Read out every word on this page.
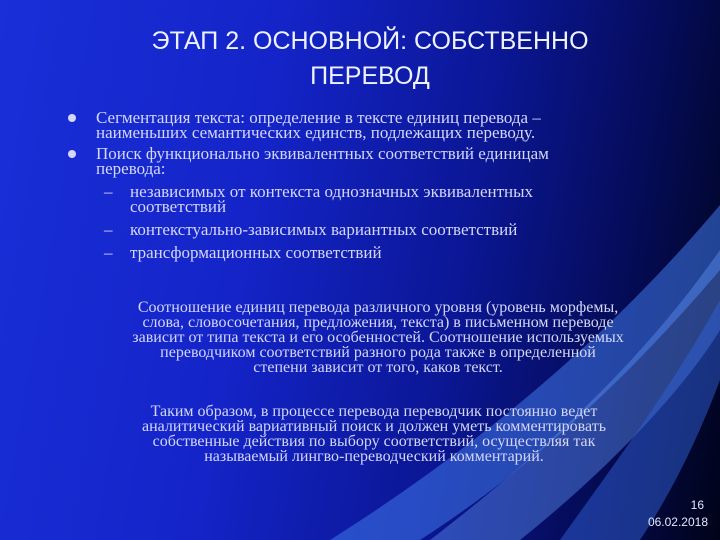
ЭТАП 2. ОСНОВНОЙ: СОБСТВЕННО
ПЕРЕВОД
Сегментация текста: определение в тексте единиц перевода –
наименьших семантических единств, подлежащих переводу.
Поиск функционально эквивалентных соответствий единицам
перевода:
– независимых от контекста однозначных эквивалентных
соответствий
– контекстуально-зависимых вариантных соответствий
– трансформационных соответствий
Соотношение единиц перевода различного уровня (уровень морфемы,
слова, словосочетания, предложения, текста) в письменном переводе
зависит от типа текста и его особенностей. Соотношение используемых
переводчиком соответствий разного рода также в определенной
степени зависит от того, каков текст.
Таким образом, в процессе перевода переводчик постоянно ведет
аналитический вариативный поиск и должен уметь комментировать
собственные действия по выбору соответствий, осуществляя так
называемый лингво-переводческий комментарий.
16
06.02.2018
